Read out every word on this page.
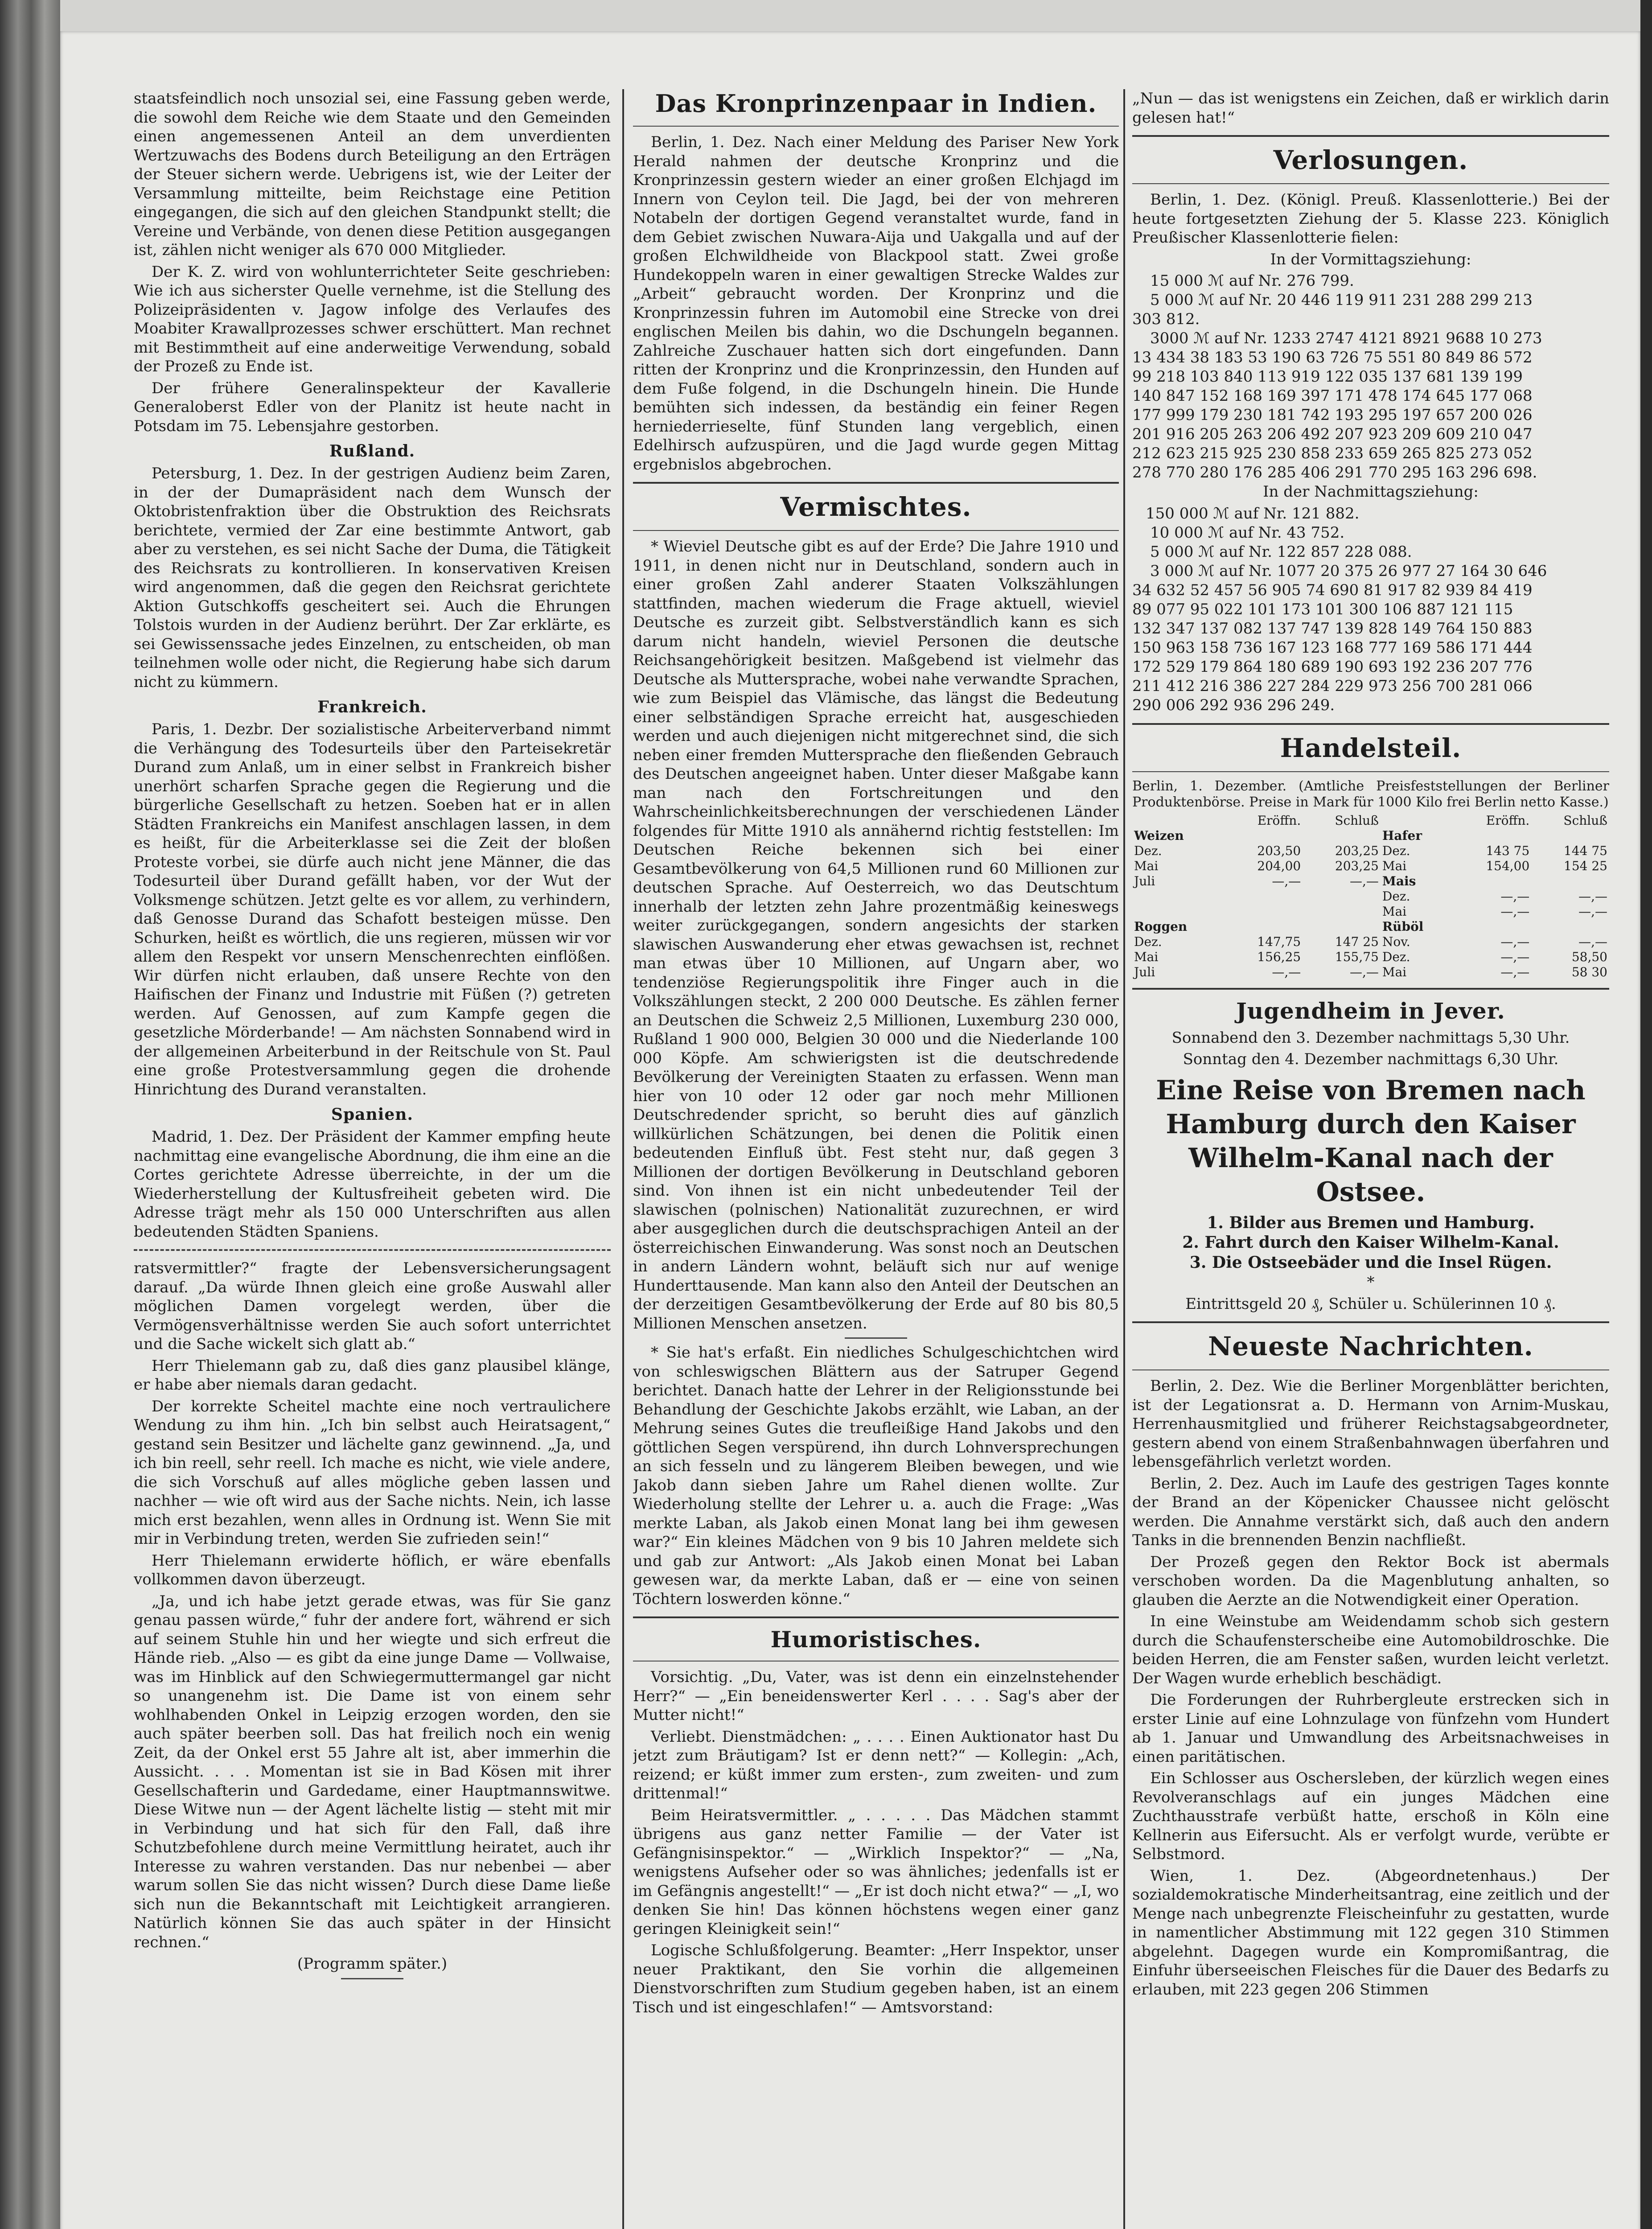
staatsfeindlich noch unsozial sei, eine Fassung geben werde, die sowohl dem Reiche wie dem Staate und den Gemeinden einen angemessenen Anteil an dem unverdienten Wertzuwachs des Bodens durch Beteiligung an den Erträgen der Steuer sichern werde. Uebrigens ist, wie der Leiter der Versammlung mitteilte, beim Reichstage eine Petition eingegangen, die sich auf den gleichen Standpunkt stellt; die Vereine und Verbände, von denen diese Petition ausgegangen ist, zählen nicht weniger als 670 000 Mitglieder.

Der K. Z. wird von wohlunterrichteter Seite geschrieben: Wie ich aus sicherster Quelle vernehme, ist die Stellung des Polizeipräsidenten v. Jagow infolge des Verlaufes des Moabiter Krawallprozesses schwer erschüttert. Man rechnet mit Bestimmtheit auf eine anderweitige Verwendung, sobald der Prozeß zu Ende ist.

Der frühere Generalinspekteur der Kavallerie Generaloberst Edler von der Planitz ist heute nacht in Potsdam im 75. Lebensjahre gestorben.

Rußland.

Petersburg, 1. Dez. In der gestrigen Audienz beim Zaren, in der der Dumapräsident nach dem Wunsch der Oktobristenfraktion über die Obstruktion des Reichsrats berichtete, vermied der Zar eine bestimmte Antwort, gab aber zu verstehen, es sei nicht Sache der Duma, die Tätigkeit des Reichsrats zu kontrollieren. In konservativen Kreisen wird angenommen, daß die gegen den Reichsrat gerichtete Aktion Gutschkoffs gescheitert sei. Auch die Ehrungen Tolstois wurden in der Audienz berührt. Der Zar erklärte, es sei Gewissenssache jedes Einzelnen, zu entscheiden, ob man teilnehmen wolle oder nicht, die Regierung habe sich darum nicht zu kümmern.

Frankreich.

Paris, 1. Dezbr. Der sozialistische Arbeiterverband nimmt die Verhängung des Todesurteils über den Parteisekretär Durand zum Anlaß, um in einer selbst in Frankreich bisher unerhört scharfen Sprache gegen die Regierung und die bürgerliche Gesellschaft zu hetzen. Soeben hat er in allen Städten Frankreichs ein Manifest anschlagen lassen, in dem es heißt, für die Arbeiterklasse sei die Zeit der bloßen Proteste vorbei, sie dürfe auch nicht jene Männer, die das Todesurteil über Durand gefällt haben, vor der Wut der Volksmenge schützen. Jetzt gelte es vor allem, zu verhindern, daß Genosse Durand das Schafott besteigen müsse. Den Schurken, heißt es wörtlich, die uns regieren, müssen wir vor allem den Respekt vor unsern Menschenrechten einflößen. Wir dürfen nicht erlauben, daß unsere Rechte von den Haifischen der Finanz und Industrie mit Füßen (?) getreten werden. Auf Genossen, auf zum Kampfe gegen die gesetzliche Mörderbande! — Am nächsten Sonnabend wird in der allgemeinen Arbeiterbund in der Reitschule von St. Paul eine große Protestversammlung gegen die drohende Hinrichtung des Durand veranstalten.

Spanien.

Madrid, 1. Dez. Der Präsident der Kammer empfing heute nachmittag eine evangelische Abordnung, die ihm eine an die Cortes gerichtete Adresse überreichte, in der um die Wiederherstellung der Kultusfreiheit gebeten wird. Die Adresse trägt mehr als 150 000 Unterschriften aus allen bedeutenden Städten Spaniens.

ratsvermittler?“ fragte der Lebensversicherungsagent darauf. „Da würde Ihnen gleich eine große Auswahl aller möglichen Damen vorgelegt werden, über die Vermögensverhältnisse werden Sie auch sofort unterrichtet und die Sache wickelt sich glatt ab.“

Herr Thielemann gab zu, daß dies ganz plausibel klänge, er habe aber niemals daran gedacht.

Der korrekte Scheitel machte eine noch vertraulichere Wendung zu ihm hin. „Ich bin selbst auch Heiratsagent,“ gestand sein Besitzer und lächelte ganz gewinnend. „Ja, und ich bin reell, sehr reell. Ich mache es nicht, wie viele andere, die sich Vorschuß auf alles mögliche geben lassen und nachher — wie oft wird aus der Sache nichts. Nein, ich lasse mich erst bezahlen, wenn alles in Ordnung ist. Wenn Sie mit mir in Verbindung treten, werden Sie zufrieden sein!“

Herr Thielemann erwiderte höflich, er wäre ebenfalls vollkommen davon überzeugt.

„Ja, und ich habe jetzt gerade etwas, was für Sie ganz genau passen würde,“ fuhr der andere fort, während er sich auf seinem Stuhle hin und her wiegte und sich erfreut die Hände rieb. „Also — es gibt da eine junge Dame — Vollwaise, was im Hinblick auf den Schwiegermuttermangel gar nicht so unangenehm ist. Die Dame ist von einem sehr wohlhabenden Onkel in Leipzig erzogen worden, den sie auch später beerben soll. Das hat freilich noch ein wenig Zeit, da der Onkel erst 55 Jahre alt ist, aber immerhin die Aussicht. . . . Momentan ist sie in Bad Kösen mit ihrer Gesellschafterin und Gardedame, einer Hauptmannswitwe. Diese Witwe nun — der Agent lächelte listig — steht mit mir in Verbindung und hat sich für den Fall, daß ihre Schutzbefohlene durch meine Vermittlung heiratet, auch ihr Interesse zu wahren verstanden. Das nur nebenbei — aber warum sollen Sie das nicht wissen? Durch diese Dame ließe sich nun die Bekanntschaft mit Leichtigkeit arrangieren. Natürlich können Sie das auch später in der Hinsicht rechnen.“

(Programm später.)

Das Kronprinzenpaar in Indien.

Berlin, 1. Dez. Nach einer Meldung des Pariser New York Herald nahmen der deutsche Kronprinz und die Kronprinzessin gestern wieder an einer großen Elchjagd im Innern von Ceylon teil. Die Jagd, bei der von mehreren Notabeln der dortigen Gegend veranstaltet wurde, fand in dem Gebiet zwischen Nuwara-Aija und Uakgalla und auf der großen Elchwildheide von Blackpool statt. Zwei große Hundekoppeln waren in einer gewaltigen Strecke Waldes zur „Arbeit“ gebraucht worden. Der Kronprinz und die Kronprinzessin fuhren im Automobil eine Strecke von drei englischen Meilen bis dahin, wo die Dschungeln begannen. Zahlreiche Zuschauer hatten sich dort eingefunden. Dann ritten der Kronprinz und die Kronprinzessin, den Hunden auf dem Fuße folgend, in die Dschungeln hinein. Die Hunde bemühten sich indessen, da beständig ein feiner Regen herniederrieselte, fünf Stunden lang vergeblich, einen Edelhirsch aufzuspüren, und die Jagd wurde gegen Mittag ergebnislos abgebrochen.

Vermischtes.

* Wieviel Deutsche gibt es auf der Erde? Die Jahre 1910 und 1911, in denen nicht nur in Deutschland, sondern auch in einer großen Zahl anderer Staaten Volkszählungen stattfinden, machen wiederum die Frage aktuell, wieviel Deutsche es zurzeit gibt. Selbstverständlich kann es sich darum nicht handeln, wieviel Personen die deutsche Reichsangehörigkeit besitzen. Maßgebend ist vielmehr das Deutsche als Muttersprache, wobei nahe verwandte Sprachen, wie zum Beispiel das Vlämische, das längst die Bedeutung einer selbständigen Sprache erreicht hat, ausgeschieden werden und auch diejenigen nicht mitgerechnet sind, die sich neben einer fremden Muttersprache den fließenden Gebrauch des Deutschen angeeignet haben. Unter dieser Maßgabe kann man nach den Fortschreitungen und den Wahrscheinlichkeitsberechnungen der verschiedenen Länder folgendes für Mitte 1910 als annähernd richtig feststellen: Im Deutschen Reiche bekennen sich bei einer Gesamtbevölkerung von 64,5 Millionen rund 60 Millionen zur deutschen Sprache. Auf Oesterreich, wo das Deutschtum innerhalb der letzten zehn Jahre prozentmäßig keineswegs weiter zurückgegangen, sondern angesichts der starken slawischen Auswanderung eher etwas gewachsen ist, rechnet man etwas über 10 Millionen, auf Ungarn aber, wo tendenziöse Regierungspolitik ihre Finger auch in die Volkszählungen steckt, 2 200 000 Deutsche. Es zählen ferner an Deutschen die Schweiz 2,5 Millionen, Luxemburg 230 000, Rußland 1 900 000, Belgien 30 000 und die Niederlande 100 000 Köpfe. Am schwierigsten ist die deutschredende Bevölkerung der Vereinigten Staaten zu erfassen. Wenn man hier von 10 oder 12 oder gar noch mehr Millionen Deutschredender spricht, so beruht dies auf gänzlich willkürlichen Schätzungen, bei denen die Politik einen bedeutenden Einfluß übt. Fest steht nur, daß gegen 3 Millionen der dortigen Bevölkerung in Deutschland geboren sind. Von ihnen ist ein nicht unbedeutender Teil der slawischen (polnischen) Nationalität zuzurechnen, er wird aber ausgeglichen durch die deutschsprachigen Anteil an der österreichischen Einwanderung. Was sonst noch an Deutschen in andern Ländern wohnt, beläuft sich nur auf wenige Hunderttausende. Man kann also den Anteil der Deutschen an der derzeitigen Gesamtbevölkerung der Erde auf 80 bis 80,5 Millionen Menschen ansetzen.

* Sie hat's erfaßt. Ein niedliches Schulgeschichtchen wird von schleswigschen Blättern aus der Satruper Gegend berichtet. Danach hatte der Lehrer in der Religionsstunde bei Behandlung der Geschichte Jakobs erzählt, wie Laban, an der Mehrung seines Gutes die treufleißige Hand Jakobs und den göttlichen Segen verspürend, ihn durch Lohnversprechungen an sich fesseln und zu längerem Bleiben bewegen, und wie Jakob dann sieben Jahre um Rahel dienen wollte. Zur Wiederholung stellte der Lehrer u. a. auch die Frage: „Was merkte Laban, als Jakob einen Monat lang bei ihm gewesen war?“ Ein kleines Mädchen von 9 bis 10 Jahren meldete sich und gab zur Antwort: „Als Jakob einen Monat bei Laban gewesen war, da merkte Laban, daß er — eine von seinen Töchtern loswerden könne.“

Humoristisches.

Vorsichtig. „Du, Vater, was ist denn ein einzelnstehender Herr?“ — „Ein beneidenswerter Kerl . . . . Sag's aber der Mutter nicht!“

Verliebt. Dienstmädchen: „ . . . . Einen Auktionator hast Du jetzt zum Bräutigam? Ist er denn nett?“ — Kollegin: „Ach, reizend; er küßt immer zum ersten-, zum zweiten- und zum drittenmal!“

Beim Heiratsvermittler. „ . . . . . Das Mädchen stammt übrigens aus ganz netter Familie — der Vater ist Gefängnisinspektor.“ — „Wirklich Inspektor?“ — „Na, wenigstens Aufseher oder so was ähnliches; jedenfalls ist er im Gefängnis angestellt!“ — „Er ist doch nicht etwa?“ — „I, wo denken Sie hin! Das können höchstens wegen einer ganz geringen Kleinigkeit sein!“

Logische Schlußfolgerung. Beamter: „Herr Inspektor, unser neuer Praktikant, den Sie vorhin die allgemeinen Dienstvorschriften zum Studium gegeben haben, ist an einem Tisch und ist eingeschlafen!“ — Amtsvorstand:

„Nun — das ist wenigstens ein Zeichen, daß er wirklich darin gelesen hat!“

Verlosungen.

Berlin, 1. Dez. (Königl. Preuß. Klassenlotterie.) Bei der heute fortgesetzten Ziehung der 5. Klasse 223. Königlich Preußischer Klassenlotterie fielen:

In der Vormittagsziehung:

15 000 ℳ auf Nr. 276 799.

5 000 ℳ auf Nr. 20 446 119 911 231 288 299 213

303 812.

3000 ℳ auf Nr. 1233 2747 4121 8921 9688 10 273

13 434 38 183 53 190 63 726 75 551 80 849 86 572

99 218 103 840 113 919 122 035 137 681 139 199

140 847 152 168 169 397 171 478 174 645 177 068

177 999 179 230 181 742 193 295 197 657 200 026

201 916 205 263 206 492 207 923 209 609 210 047

212 623 215 925 230 858 233 659 265 825 273 052

278 770 280 176 285 406 291 770 295 163 296 698.

In der Nachmittagsziehung:

150 000 ℳ auf Nr. 121 882.

10 000 ℳ auf Nr. 43 752.

5 000 ℳ auf Nr. 122 857 228 088.

3 000 ℳ auf Nr. 1077 20 375 26 977 27 164 30 646

34 632 52 457 56 905 74 690 81 917 82 939 84 419

89 077 95 022 101 173 101 300 106 887 121 115

132 347 137 082 137 747 139 828 149 764 150 883

150 963 158 736 167 123 168 777 169 586 171 444

172 529 179 864 180 689 190 693 192 236 207 776

211 412 216 386 227 284 229 973 256 700 281 066

290 006 292 936 296 249.

Handelsteil.

Berlin, 1. Dezember. (Amtliche Preisfeststellungen der Berliner Produktenbörse. Preise in Mark für 1000 Kilo frei Berlin netto Kasse.)

	Eröffn.	Schluß		Eröffn.	Schluß
Weizen			Hafer		
Dez.	203,50	203,25	Dez.	143 75	144 75
Mai	204,00	203,25	Mai	154,00	154 25
Juli	—,—	—,—	Mais		
			Dez.	—,—	—,—
			Mai	—,—	—,—
Roggen			Rüböl		
Dez.	147,75	147 25	Nov.	—,—	—,—
Mai	156,25	155,75	Dez.	—,—	58,50
Juli	—,—	—,—	Mai	—,—	58 30
Jugendheim in Jever.

Sonnabend den 3. Dezember nachmittags 5,30 Uhr.

Sonntag den 4. Dezember nachmittags 6,30 Uhr.

Eine Reise von Bremen nach Hamburg durch den Kaiser Wilhelm-Kanal nach der Ostsee.

1. Bilder aus Bremen und Hamburg.

2. Fahrt durch den Kaiser Wilhelm-Kanal.

3. Die Ostseebäder und die Insel Rügen.

*

Eintrittsgeld 20 ₰, Schüler u. Schülerinnen 10 ₰.

Neueste Nachrichten.

Berlin, 2. Dez. Wie die Berliner Morgenblätter berichten, ist der Legationsrat a. D. Hermann von Arnim-Muskau, Herrenhausmitglied und früherer Reichstagsabgeordneter, gestern abend von einem Straßenbahnwagen überfahren und lebensgefährlich verletzt worden.

Berlin, 2. Dez. Auch im Laufe des gestrigen Tages konnte der Brand an der Köpenicker Chaussee nicht gelöscht werden. Die Annahme verstärkt sich, daß auch den andern Tanks in die brennenden Benzin nachfließt.

Der Prozeß gegen den Rektor Bock ist abermals verschoben worden. Da die Magenblutung anhalten, so glauben die Aerzte an die Notwendigkeit einer Operation.

In eine Weinstube am Weidendamm schob sich gestern durch die Schaufensterscheibe eine Automobildroschke. Die beiden Herren, die am Fenster saßen, wurden leicht verletzt. Der Wagen wurde erheblich beschädigt.

Die Forderungen der Ruhrbergleute erstrecken sich in erster Linie auf eine Lohnzulage von fünfzehn vom Hundert ab 1. Januar und Umwandlung des Arbeitsnachweises in einen paritätischen.

Ein Schlosser aus Oschersleben, der kürzlich wegen eines Revolveranschlags auf ein junges Mädchen eine Zuchthausstrafe verbüßt hatte, erschoß in Köln eine Kellnerin aus Eifersucht. Als er verfolgt wurde, verübte er Selbstmord.

Wien, 1. Dez. (Abgeordnetenhaus.) Der sozialdemokratische Minderheitsantrag, eine zeitlich und der Menge nach unbegrenzte Fleischeinfuhr zu gestatten, wurde in namentlicher Abstimmung mit 122 gegen 310 Stimmen abgelehnt. Dagegen wurde ein Kompromißantrag, die Einfuhr überseeischen Fleisches für die Dauer des Bedarfs zu erlauben, mit 223 gegen 206 Stimmen
